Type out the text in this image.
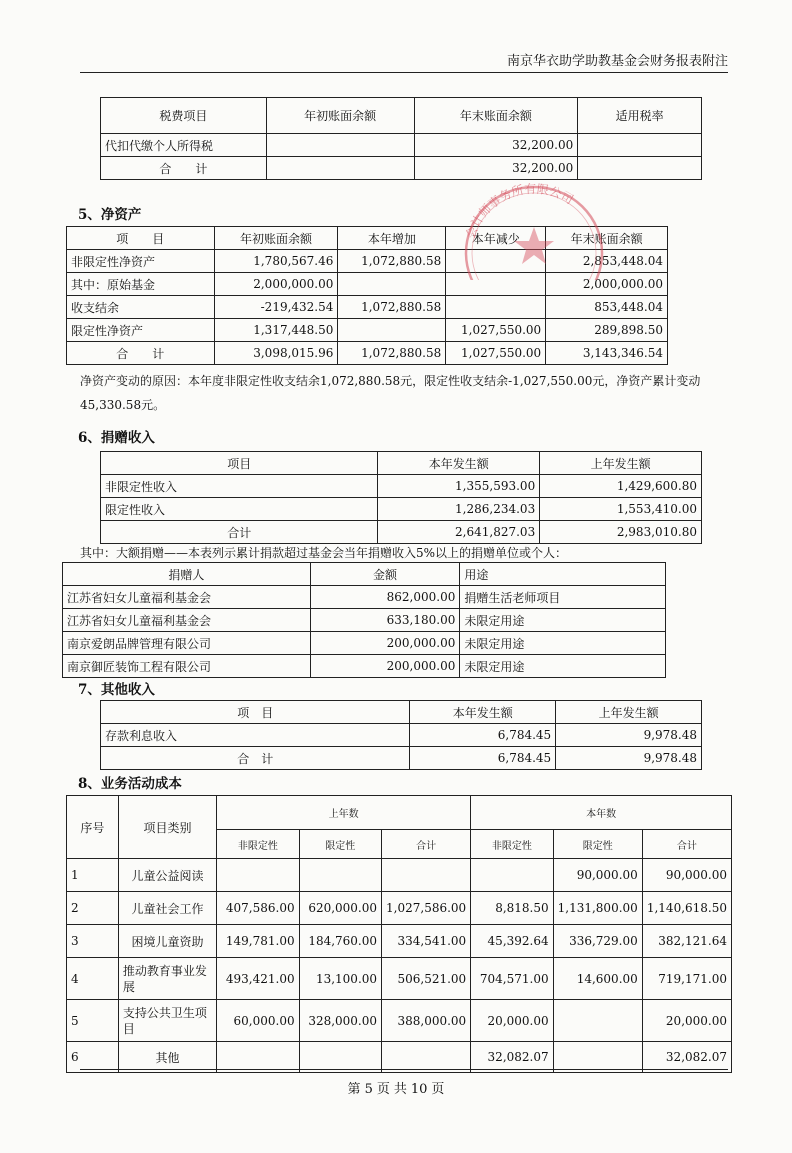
南京华衣助学助教基金会财务报表附注
税费项目	年初账面余额	年末账面余额	适用税率
代扣代缴个人所得税		32,200.00	
合　　计		32,200.00	
5、净资产
项　　目	年初账面余额	本年增加	本年减少	年末账面余额
非限定性净资产	1,780,567.46	1,072,880.58		2,853,448.04
其中：原始基金	2,000,000.00			2,000,000.00
收支结余	-219,432.54	1,072,880.58		853,448.04
限定性净资产	1,317,448.50		1,027,550.00	289,898.50
合　　计	3,098,015.96	1,072,880.58	1,027,550.00	3,143,346.54
净资产变动的原因：本年度非限定性收支结余1,072,880.58元，限定性收支结余-1,027,550.00元，净资产累计变动
45,330.58元。
会计师事务所有限公司
6、捐赠收入
项目	本年发生额	上年发生额
非限定性收入	1,355,593.00	1,429,600.80
限定性收入	1,286,234.03	1,553,410.00
合计	2,641,827.03	2,983,010.80
其中：大额捐赠——本表列示累计捐款超过基金会当年捐赠收入5%以上的捐赠单位或个人：
捐赠人	金额	用途
江苏省妇女儿童福利基金会	862,000.00	捐赠生活老师项目
江苏省妇女儿童福利基金会	633,180.00	未限定用途
南京爱朗品牌管理有限公司	200,000.00	未限定用途
南京御匠装饰工程有限公司	200,000.00	未限定用途
7、其他收入
项　目	本年发生额	上年发生额
存款利息收入	6,784.45	9,978.48
合　计	6,784.45	9,978.48
8、业务活动成本
序号	项目类别	上年数			本年数		
		非限定性	限定性	合计	非限定性	限定性	合计
1	儿童公益阅读					90,000.00	90,000.00
2	儿童社会工作	407,586.00	620,000.00	1,027,586.00	8,818.50	1,131,800.00	1,140,618.50
3	困境儿童资助	149,781.00	184,760.00	334,541.00	45,392.64	336,729.00	382,121.64
4	推动教育事业发展	493,421.00	13,100.00	506,521.00	704,571.00	14,600.00	719,171.00
5	支持公共卫生项目	60,000.00	328,000.00	388,000.00	20,000.00		20,000.00
6	其他				32,082.07		32,082.07
第 5 页 共 10 页
